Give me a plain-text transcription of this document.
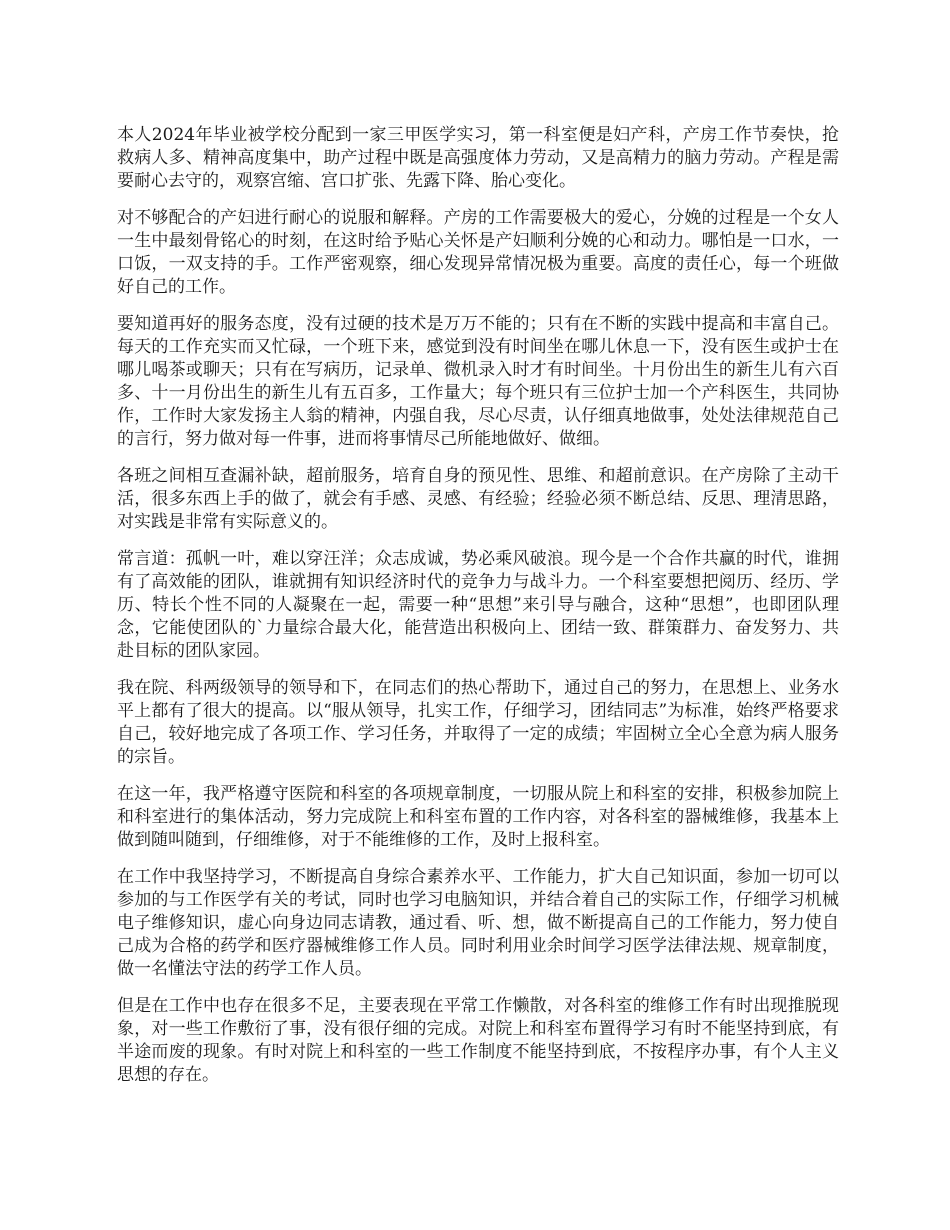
本人2024年毕业被学校分配到一家三甲医学实习，第一科室便是妇产科，产房工作节奏快，抢救病人多、精神高度集中，助产过程中既是高强度体力劳动，又是高精力的脑力劳动。产程是需要耐心去守的，观察宫缩、宫口扩张、先露下降、胎心变化。

对不够配合的产妇进行耐心的说服和解释。产房的工作需要极大的爱心，分娩的过程是一个女人一生中最刻骨铭心的时刻，在这时给予贴心关怀是产妇顺利分娩的心和动力。哪怕是一口水，一口饭，一双支持的手。工作严密观察，细心发现异常情况极为重要。高度的责任心，每一个班做好自己的工作。

要知道再好的服务态度，没有过硬的技术是万万不能的；只有在不断的实践中提高和丰富自己。每天的工作充实而又忙碌，一个班下来，感觉到没有时间坐在哪儿休息一下，没有医生或护士在哪儿喝茶或聊天；只有在写病历，记录单、微机录入时才有时间坐。十月份出生的新生儿有六百多、十一月份出生的新生儿有五百多，工作量大；每个班只有三位护士加一个产科医生，共同协作，工作时大家发扬主人翁的精神，内强自我，尽心尽责，认仔细真地做事，处处法律规范自己的言行，努力做对每一件事，进而将事情尽己所能地做好、做细。

各班之间相互查漏补缺，超前服务，培育自身的预见性、思维、和超前意识。在产房除了主动干活，很多东西上手的做了，就会有手感、灵感、有经验；经验必须不断总结、反思、理清思路，对实践是非常有实际意义的。

常言道：孤帆一叶，难以穿汪洋；众志成诚，势必乘风破浪。现今是一个合作共赢的时代，谁拥有了高效能的团队，谁就拥有知识经济时代的竞争力与战斗力。一个科室要想把阅历、经历、学历、特长个性不同的人凝聚在一起，需要一种“思想”来引导与融合，这种“思想”，也即团队理念，它能使团队的`力量综合最大化，能营造出积极向上、团结一致、群策群力、奋发努力、共赴目标的团队家园。

我在院、科两级领导的领导和下，在同志们的热心帮助下，通过自己的努力，在思想上、业务水平上都有了很大的提高。以“服从领导，扎实工作，仔细学习，团结同志”为标准，始终严格要求自己，较好地完成了各项工作、学习任务，并取得了一定的成绩；牢固树立全心全意为病人服务的宗旨。

在这一年，我严格遵守医院和科室的各项规章制度，一切服从院上和科室的安排，积极参加院上和科室进行的集体活动，努力完成院上和科室布置的工作内容，对各科室的器械维修，我基本上做到随叫随到，仔细维修，对于不能维修的工作，及时上报科室。

在工作中我坚持学习，不断提高自身综合素养水平、工作能力，扩大自己知识面，参加一切可以参加的与工作医学有关的考试，同时也学习电脑知识，并结合着自己的实际工作，仔细学习机械电子维修知识，虚心向身边同志请教，通过看、听、想，做不断提高自己的工作能力，努力使自己成为合格的药学和医疗器械维修工作人员。同时利用业余时间学习医学法律法规、规章制度，做一名懂法守法的药学工作人员。

但是在工作中也存在很多不足，主要表现在平常工作懒散，对各科室的维修工作有时出现推脱现象，对一些工作敷衍了事，没有很仔细的完成。对院上和科室布置得学习有时不能坚持到底，有半途而废的现象。有时对院上和科室的一些工作制度不能坚持到底，不按程序办事，有个人主义思想的存在。
